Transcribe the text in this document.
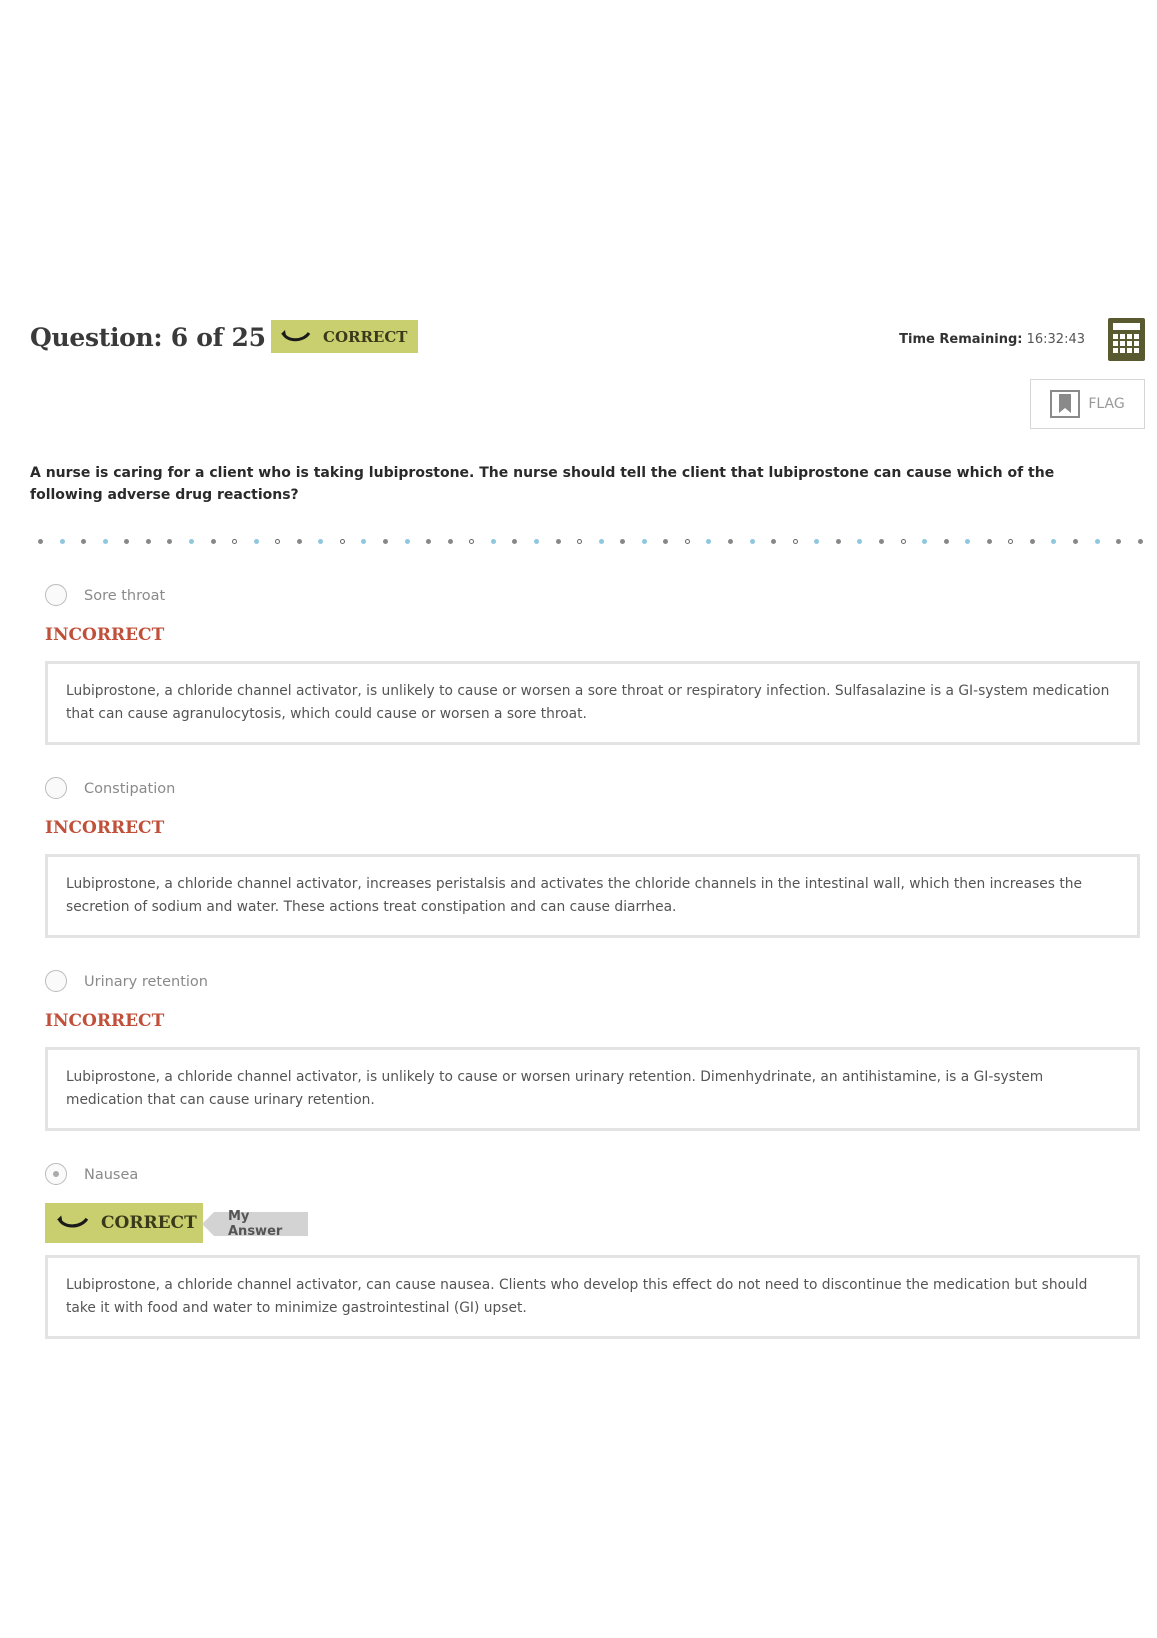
Question: 6 of 25	CORRECT	Time Remaining: 16:32:43
FLAG
A nurse is caring for a client who is taking lubiprostone. The nurse should tell the client that lubiprostone can cause which of the following adverse drug reactions?
Sore throat
INCORRECT
Lubiprostone, a chloride channel activator, is unlikely to cause or worsen a sore throat or respiratory infection. Sulfasalazine is a GI-system medication that can cause agranulocytosis, which could cause or worsen a sore throat.
Constipation
INCORRECT
Lubiprostone, a chloride channel activator, increases peristalsis and activates the chloride channels in the intestinal wall, which then increases the secretion of sodium and water. These actions treat constipation and can cause diarrhea.
Urinary retention
INCORRECT
Lubiprostone, a chloride channel activator, is unlikely to cause or worsen urinary retention. Dimenhydrinate, an antihistamine, is a GI-system medication that can cause urinary retention.
Nausea
CORRECT	My Answer
Lubiprostone, a chloride channel activator, can cause nausea. Clients who develop this effect do not need to discontinue the medication but should take it with food and water to minimize gastrointestinal (GI) upset.
